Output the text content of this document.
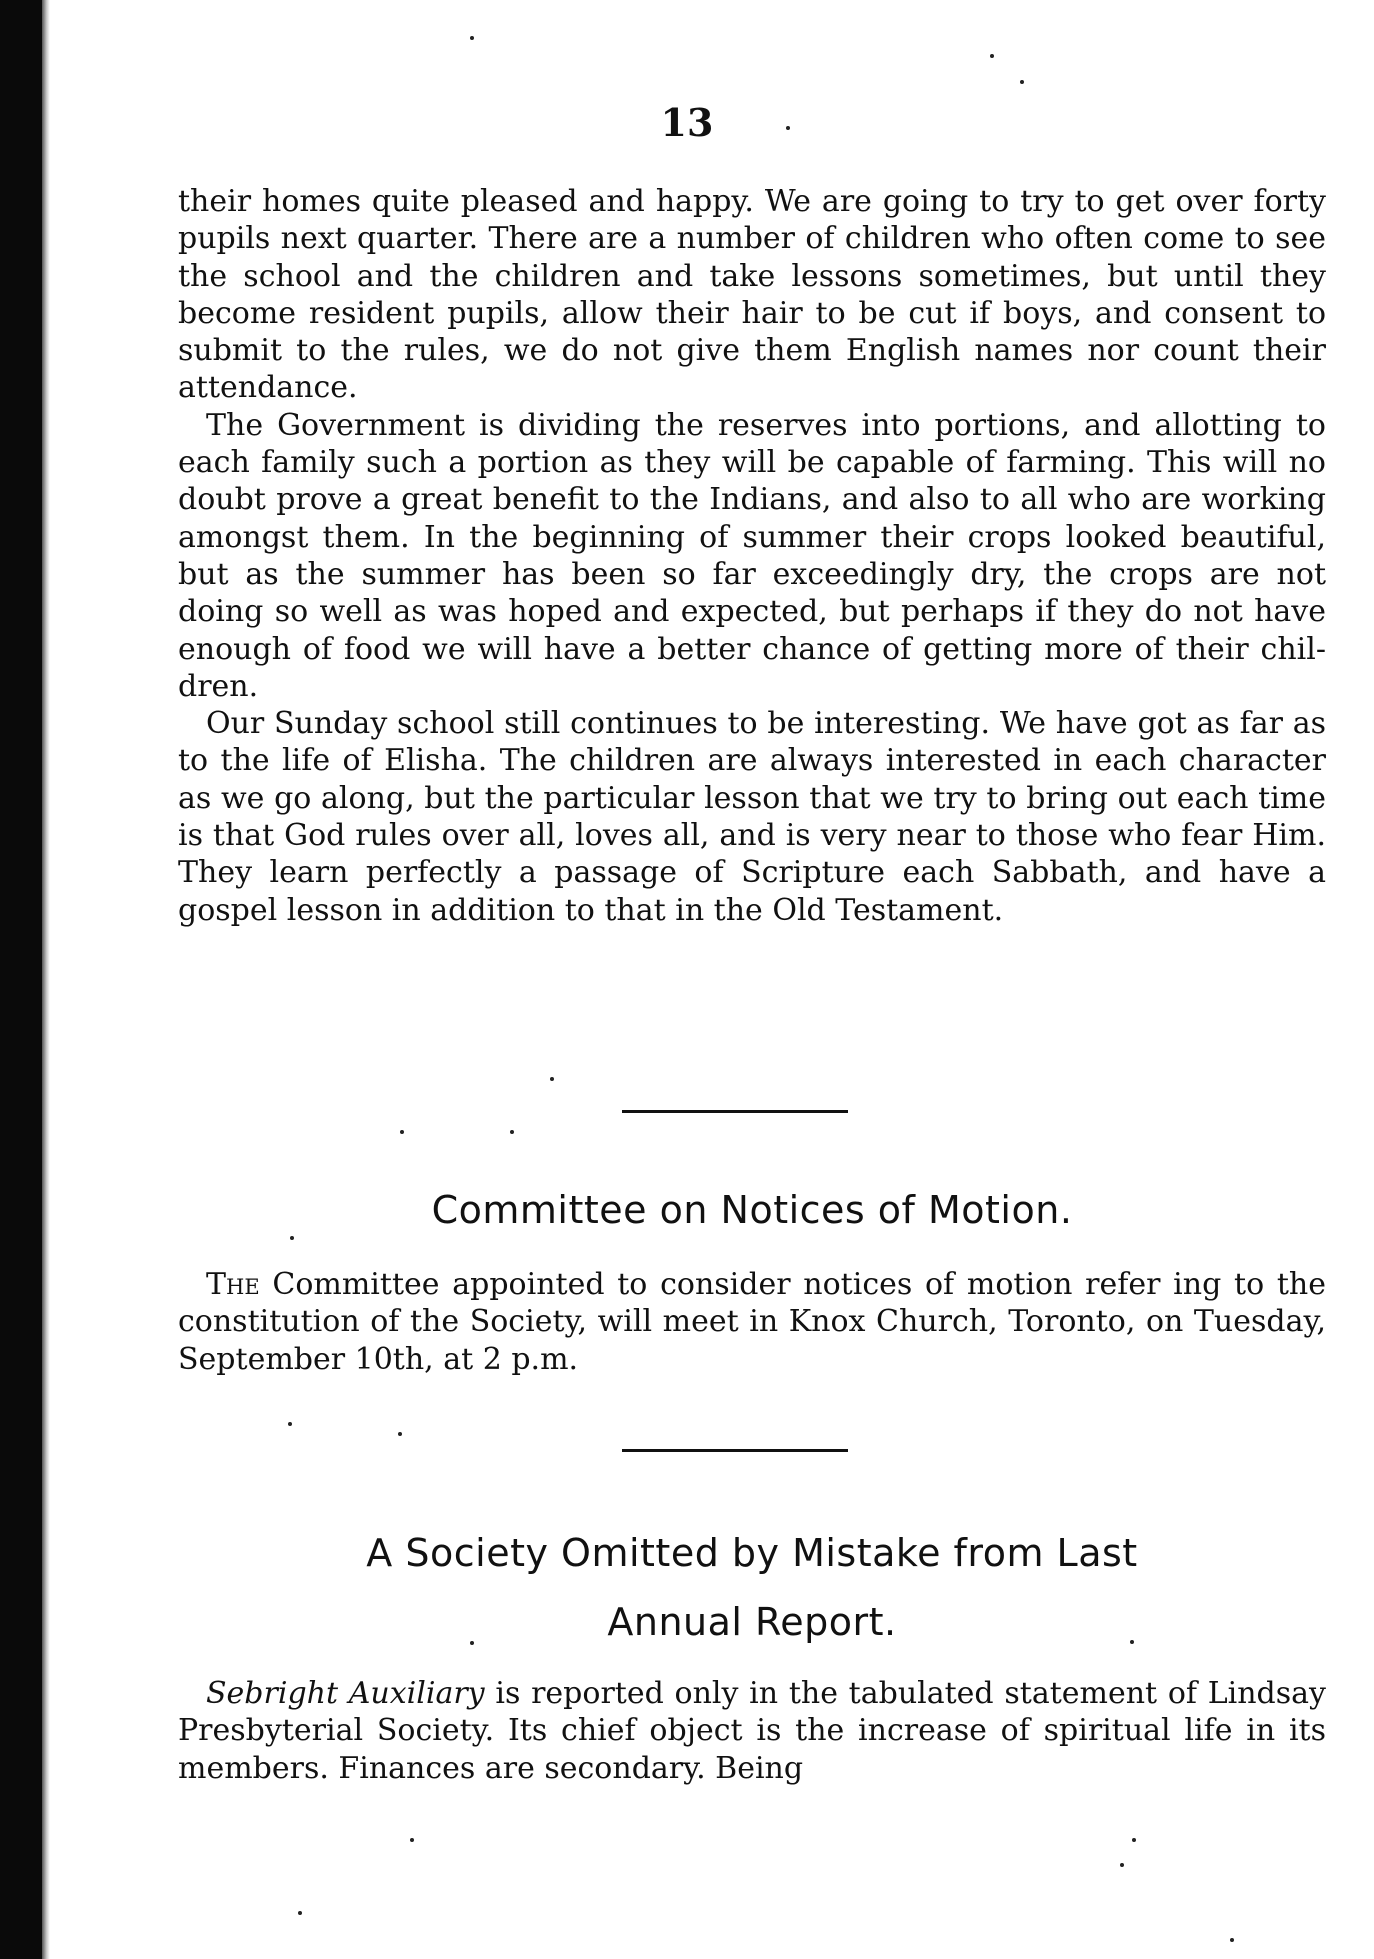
13

their homes quite pleased and happy. We are going to try to get over forty pupils next quarter. There are a number of children who often come to see the school and the children and take lessons sometimes, but until they become resident pupils, allow their hair to be cut if boys, and consent to submit to the rules, we do not give them English names nor count their attendance.

The Government is dividing the reserves into portions, and allotting to each family such a portion as they will be capable of farming. This will no doubt prove a great benefit to the Indians, and also to all who are working amongst them. In the beginning of summer their crops looked beautiful, but as the summer has been so far exceedingly dry, the crops are not doing so well as was hoped and expected, but perhaps if they do not have enough of food we will have a better chance of getting more of their children.

Our Sunday school still continues to be interesting. We have got as far as to the life of Elisha. The children are always interested in each character as we go along, but the particular lesson that we try to bring out each time is that God rules over all, loves all, and is very near to those who fear Him. They learn perfectly a passage of Scripture each Sabbath, and have a gospel lesson in addition to that in the Old Testament.

Committee on Notices of Motion.

The Committee appointed to consider notices of motion refer ing to the constitution of the Society, will meet in Knox Church, Toronto, on Tuesday, September 10th, at 2 p.m.

A Society Omitted by Mistake from Last
Annual Report.

Sebright Auxiliary is reported only in the tabulated statement of Lindsay Presbyterial Society. Its chief object is the increase of spiritual life in its members. Finances are secondary. Being
